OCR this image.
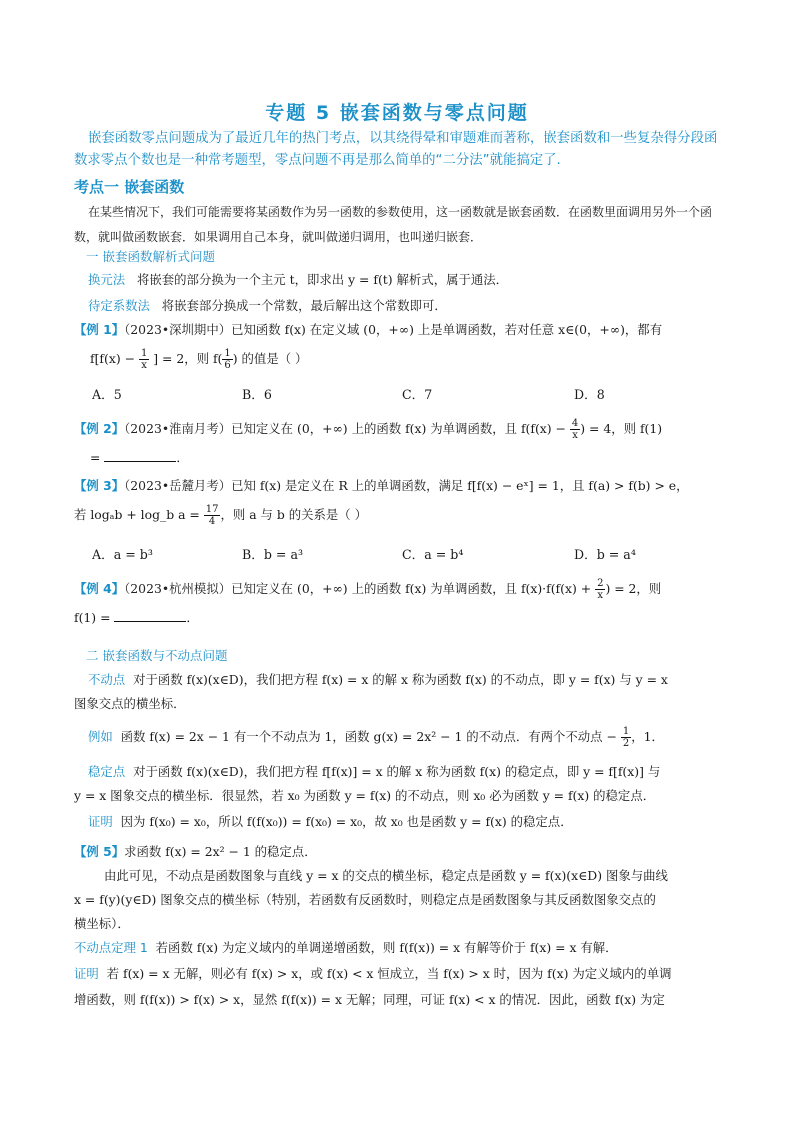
专题 5 嵌套函数与零点问题
嵌套函数零点问题成为了最近几年的热门考点，以其绕得晕和审题难而著称，嵌套函数和一些复杂得分段函数求零点个数也是一种常考题型，零点问题不再是那么简单的“二分法”就能搞定了.
考点一 嵌套函数
在某些情况下，我们可能需要将某函数作为另一函数的参数使用，这一函数就是嵌套函数．在函数里面调用另外一个函数，就叫做函数嵌套．如果调用自己本身，就叫做递归调用，也叫递归嵌套．
一 嵌套函数解析式问题
换元法 将嵌套的部分换为一个主元 t，即求出 y = f(t) 解析式，属于通法．
待定系数法 将嵌套部分换成一个常数，最后解出这个常数即可．
【例 1】（2023•深圳期中）已知函数 f(x) 在定义域 (0，+∞) 上是单调函数，若对任意 x∈(0，+∞)，都有
$f[f(x) - \frac{1}{x}$ ] = 2，则 $f( \frac{1}{6}$ ) 的值是（ ）
A．5	B．6	C．7	D．8
【例 2】（2023•淮南月考）已知定义在 (0，+∞) 上的函数 f(x) 为单调函数，且 $f(f(x) - \frac{4}{x}$ ) = 4，则 f(1)
=	．
【例 3】（2023•岳麓月考）已知 f(x) 是定义在 R 上的单调函数，满足 f[f(x) − eˣ] = 1，且 f(a) > f(b) > e，
若 logₐb + log_b $a = \frac{17}{4}$ ，则 a 与 b 的关系是（ ）
A．a = b³	B．b = a³	C．a = b⁴	D．b = a⁴
【例 4】（2023•杭州模拟）已知定义在 (0，+∞) 上的函数 f(x) 为单调函数，且 $f(x)\cdot f(f(x) + \frac{2}{x}$ ) = 2，则
f(1) =	．
二 嵌套函数与不动点问题
不动点 对于函数 f(x)(x∈D)，我们把方程 f(x) = x 的解 x 称为函数 f(x) 的不动点，即 y = f(x) 与 y = x
图象交点的横坐标．
例如 函数 f(x) = 2x − 1 有一个不动点为 1，函数 g(x) = 2x² − 1 的不动点．有两个不动点 − $\frac{1}{2}$ ，1．
稳定点 对于函数 f(x)(x∈D)，我们把方程 f[f(x)] = x 的解 x 称为函数 f(x) 的稳定点，即 y = f[f(x)] 与
y = x 图象交点的横坐标．很显然，若 x₀ 为函数 y = f(x) 的不动点，则 x₀ 必为函数 y = f(x) 的稳定点．
证明 因为 f(x₀) = x₀，所以 f(f(x₀)) = f(x₀) = x₀，故 x₀ 也是函数 y = f(x) 的稳定点．
【例 5】求函数 f(x) = 2x² − 1 的稳定点．
由此可见，不动点是函数图象与直线 y = x 的交点的横坐标，稳定点是函数 y = f(x)(x∈D) 图象与曲线
x = f(y)(y∈D) 图象交点的横坐标（特别，若函数有反函数时，则稳定点是函数图象与其反函数图象交点的
横坐标）．
不动点定理 1 若函数 f(x) 为定义域内的单调递增函数，则 f(f(x)) = x 有解等价于 f(x) = x 有解．
证明 若 f(x) = x 无解，则必有 f(x) > x，或 f(x) < x 恒成立，当 f(x) > x 时，因为 f(x) 为定义域内的单调
增函数，则 f(f(x)) > f(x) > x，显然 f(f(x)) = x 无解；同理，可证 f(x) < x 的情况．因此，函数 f(x) 为定
